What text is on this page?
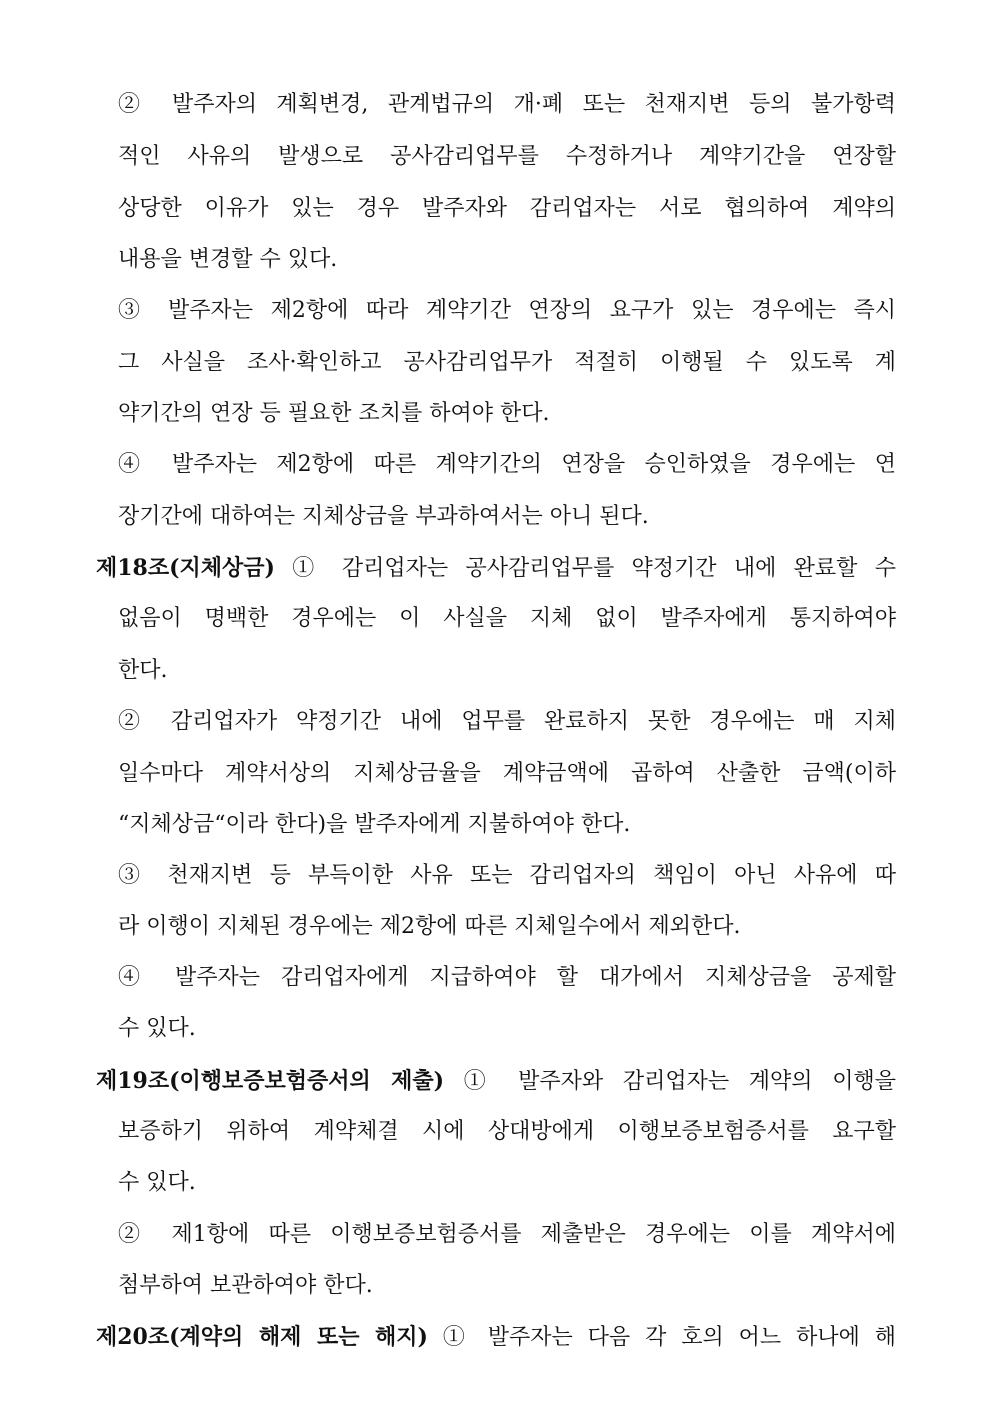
② 발주자의 계획변경, 관계법규의 개·폐 또는 천재지변 등의 불가항력
적인 사유의 발생으로 공사감리업무를 수정하거나 계약기간을 연장할
상당한 이유가 있는 경우 발주자와 감리업자는 서로 협의하여 계약의
내용을 변경할 수 있다.
③ 발주자는 제2항에 따라 계약기간 연장의 요구가 있는 경우에는 즉시
그 사실을 조사·확인하고 공사감리업무가 적절히 이행될 수 있도록 계
약기간의 연장 등 필요한 조치를 하여야 한다.
④ 발주자는 제2항에 따른 계약기간의 연장을 승인하였을 경우에는 연
장기간에 대하여는 지체상금을 부과하여서는 아니 된다.
제18조(지체상금) ① 감리업자는 공사감리업무를 약정기간 내에 완료할 수
없음이 명백한 경우에는 이 사실을 지체 없이 발주자에게 통지하여야
한다.
② 감리업자가 약정기간 내에 업무를 완료하지 못한 경우에는 매 지체
일수마다 계약서상의 지체상금율을 계약금액에 곱하여 산출한 금액(이하
“지체상금“이라 한다)을 발주자에게 지불하여야 한다.
③ 천재지변 등 부득이한 사유 또는 감리업자의 책임이 아닌 사유에 따
라 이행이 지체된 경우에는 제2항에 따른 지체일수에서 제외한다.
④ 발주자는 감리업자에게 지급하여야 할 대가에서 지체상금을 공제할
수 있다.
제19조(이행보증보험증서의 제출) ① 발주자와 감리업자는 계약의 이행을
보증하기 위하여 계약체결 시에 상대방에게 이행보증보험증서를 요구할
수 있다.
② 제1항에 따른 이행보증보험증서를 제출받은 경우에는 이를 계약서에
첨부하여 보관하여야 한다.
제20조(계약의 해제 또는 해지) ① 발주자는 다음 각 호의 어느 하나에 해
